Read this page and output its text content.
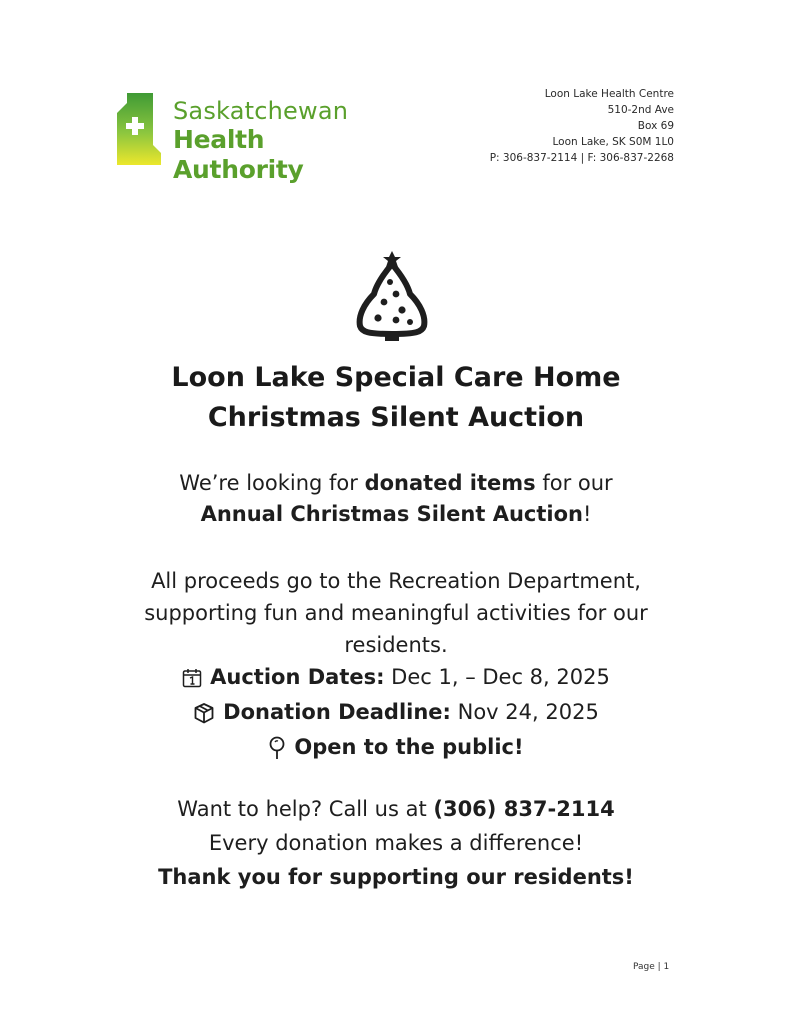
Saskatchewan
Health Authority
Loon Lake Health Centre
510-2nd Ave
Box 69
Loon Lake, SK S0M 1L0
P: 306-837-2114 | F: 306-837-2268
Loon Lake Special Care Home
Christmas Silent Auction
We’re looking for donated items for our
Annual Christmas Silent Auction!
All proceeds go to the Recreation Department,
supporting fun and meaningful activities for our
residents.
Auction Dates: Dec 1, – Dec 8, 2025
Donation Deadline: Nov 24, 2025
Open to the public!
Want to help? Call us at (306) 837-2114
Every donation makes a difference!
Thank you for supporting our residents!
Page | 1
